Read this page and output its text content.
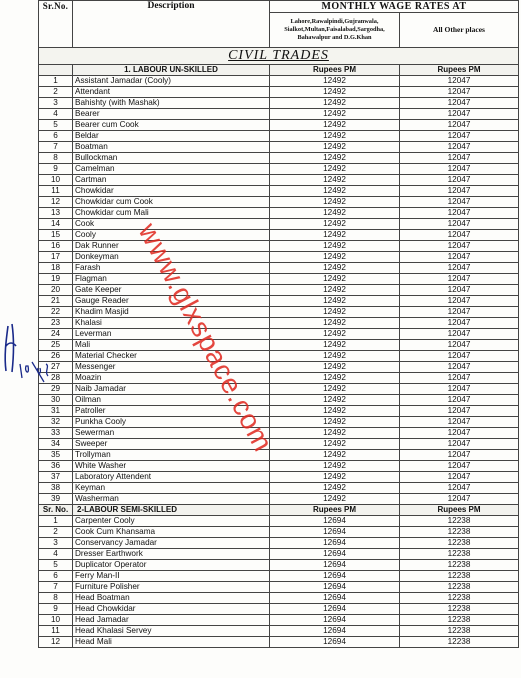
Sr.No.	Description	MONTHLY WAGE RATES AT	
		Lahore,Rawalpindi,Gujranwala, Sialkot,Multan,Faisalabad,Sargodha, Bahawalpur and D.G.Khan	All Other places
CIVIL TRADES			
	1. LABOUR UN-SKILLED	Rupees PM	Rupees PM
1	Assistant Jamadar (Cooly)	12492	12047
2	Attendant	12492	12047
3	Bahishty (with Mashak)	12492	12047
4	Bearer	12492	12047
5	Bearer cum Cook	12492	12047
6	Beldar	12492	12047
7	Boatman	12492	12047
8	Bullockman	12492	12047
9	Camelman	12492	12047
10	Cartman	12492	12047
11	Chowkidar	12492	12047
12	Chowkidar cum Cook	12492	12047
13	Chowkidar cum Mali	12492	12047
14	Cook	12492	12047
15	Cooly	12492	12047
16	Dak Runner	12492	12047
17	Donkeyman	12492	12047
18	Farash	12492	12047
19	Flagman	12492	12047
20	Gate Keeper	12492	12047
21	Gauge Reader	12492	12047
22	Khadim Masjid	12492	12047
23	Khalasi	12492	12047
24	Leverman	12492	12047
25	Mali	12492	12047
26	Material Checker	12492	12047
27	Messenger	12492	12047
28	Moazin	12492	12047
29	Naib Jamadar	12492	12047
30	Oilman	12492	12047
31	Patroller	12492	12047
32	Punkha Cooly	12492	12047
33	Sewerman	12492	12047
34	Sweeper	12492	12047
35	Trollyman	12492	12047
36	White Washer	12492	12047
37	Laboratory Attendent	12492	12047
38	Keyman	12492	12047
39	Washerman	12492	12047
Sr. No.	2-LABOUR SEMI-SKILLED	Rupees PM	Rupees PM
1	Carpenter Cooly	12694	12238
2	Cook Cum Khansama	12694	12238
3	Conservancy Jamadar	12694	12238
4	Dresser Earthwork	12694	12238
5	Duplicator Operator	12694	12238
6	Ferry Man-II	12694	12238
7	Furniture Polisher	12694	12238
8	Head Boatman	12694	12238
9	Head Chowkidar	12694	12238
10	Head Jamadar	12694	12238
11	Head Khalasi Servey	12694	12238
12	Head Mali	12694	12238
www.glxspace.com
